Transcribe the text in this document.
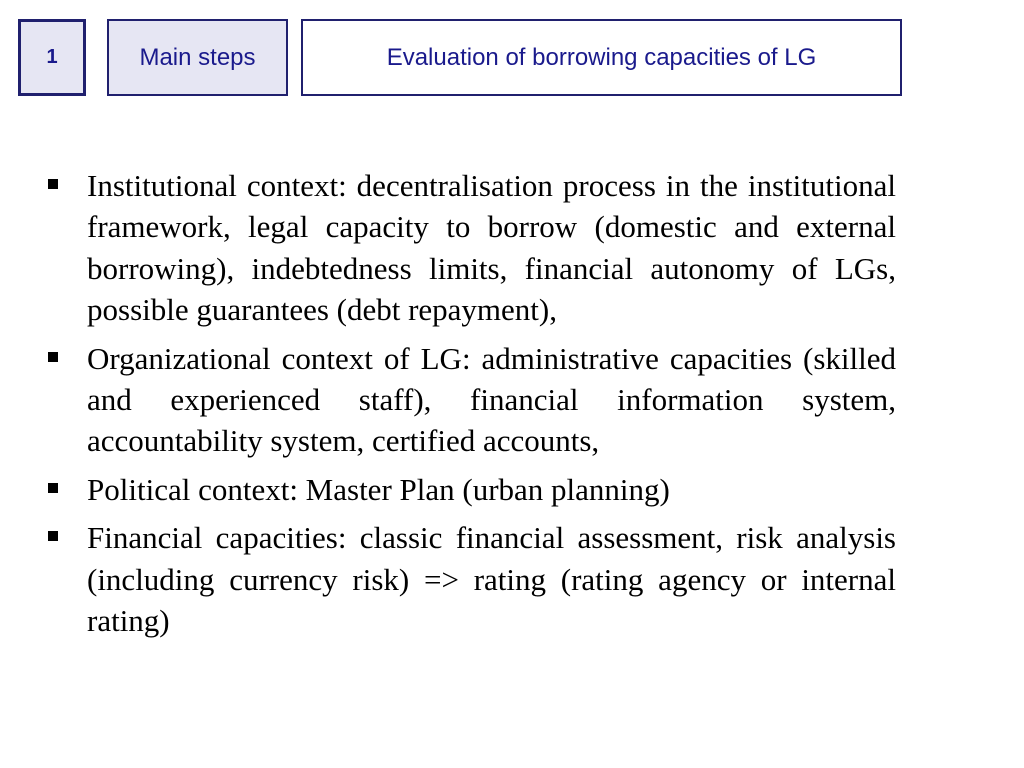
1	Main steps	Evaluation of borrowing capacities of LG
Institutional context: decentralisation process in the institutional framework, legal capacity to borrow (domestic and external borrowing), indebtedness limits, financial autonomy of LGs, possible guarantees (debt repayment),
Organizational context of LG: administrative capacities (skilled and experienced staff), financial information system, accountability system, certified accounts,
Political context: Master Plan (urban planning)
Financial capacities: classic financial assessment, risk analysis (including currency risk) => rating (rating agency or internal rating)
